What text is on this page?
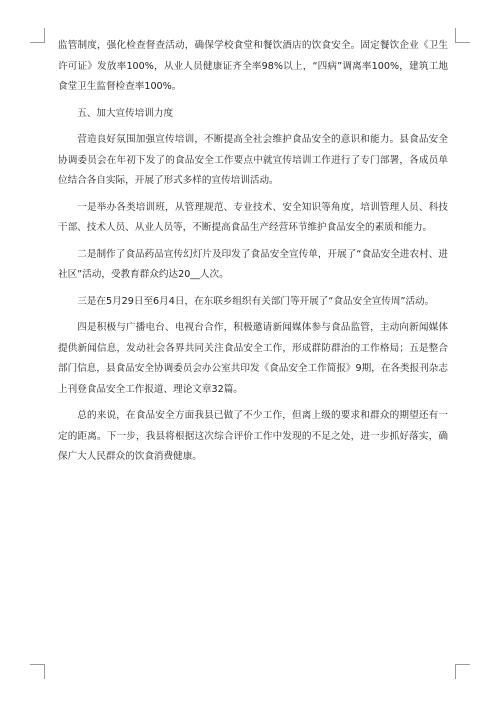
监管制度，强化检查督查活动，确保学校食堂和餐饮酒店的饮食安全。固定餐饮企业《卫生许可证》发放率100%，从业人员健康证齐全率98%以上，“四病”调离率100%，建筑工地食堂卫生监督检查率100%。

五、加大宣传培训力度

营造良好氛围加强宣传培训，不断提高全社会维护食品安全的意识和能力。县食品安全协调委员会在年初下发了的食品安全工作要点中就宣传培训工作进行了专门部署，各成员单位结合各自实际，开展了形式多样的宣传培训活动。

一是举办各类培训班，从管理规范、专业技术、安全知识等角度，培训管理人员、科技干部、技术人员、从业人员等，不断提高食品生产经营环节维护食品安全的素质和能力。

二是制作了食品药品宣传幻灯片及印发了食品安全宣传单，开展了“食品安全进农村、进社区”活动，受教育群众约达20__人次。

三是在5月29日至6月4日，在东联乡组织有关部门等开展了“食品安全宣传周”活动。

四是积极与广播电台、电视台合作，积极邀请新闻媒体参与食品监管，主动向新闻媒体提供新闻信息，发动社会各界共同关注食品安全工作，形成群防群治的工作格局；五是整合部门信息，县食品安全协调委员会办公室共印发《食品安全工作简报》9期，在各类报刊杂志上刊登食品安全工作报道、理论文章32篇。

总的来说，在食品安全方面我县已做了不少工作，但离上级的要求和群众的期望还有一定的距离。下一步，我县将根据这次综合评价工作中发现的不足之处，进一步抓好落实，确保广大人民群众的饮食消费健康。
